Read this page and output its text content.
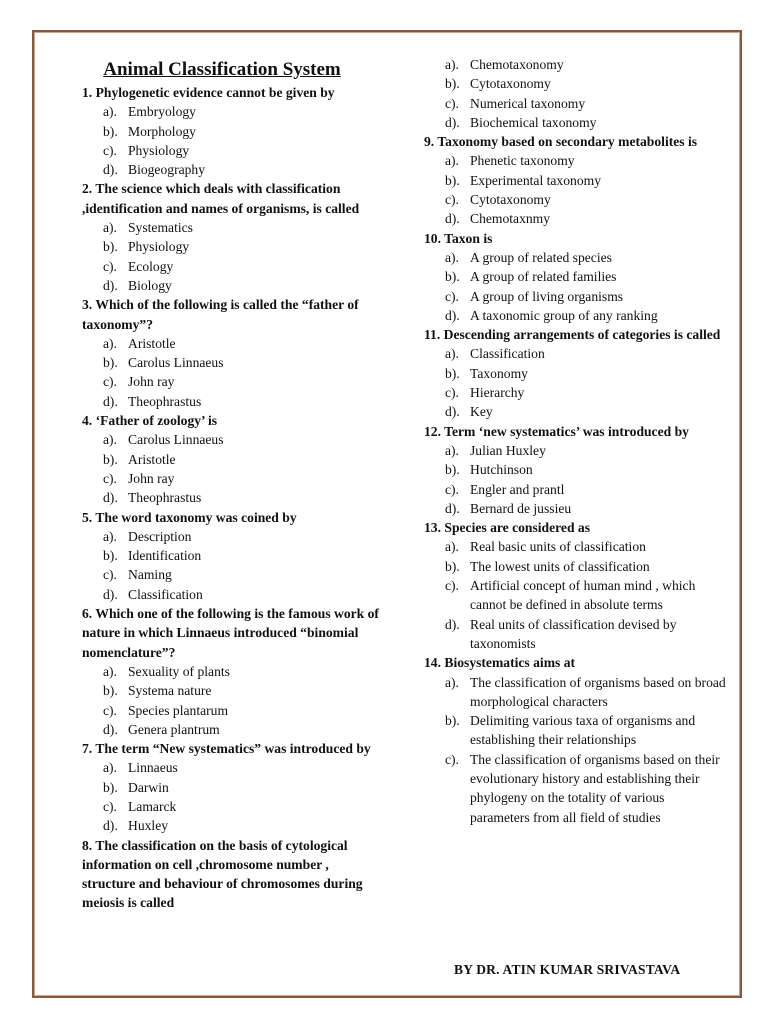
Animal Classification System
1. Phylogenetic evidence cannot be given by
a). Embryology
b). Morphology
c). Physiology
d). Biogeography
2. The science which deals with classification ,identification and names of organisms, is called
a). Systematics
b). Physiology
c). Ecology
d). Biology
3. Which of the following is called the “father of taxonomy”?
a). Aristotle
b). Carolus Linnaeus
c). John ray
d). Theophrastus
4. ‘Father of zoology’ is
a). Carolus Linnaeus
b). Aristotle
c). John ray
d). Theophrastus
5. The word taxonomy was coined by
a). Description
b). Identification
c). Naming
d). Classification
6. Which one of the following is the famous work of nature in which Linnaeus introduced “binomial nomenclature”?
a). Sexuality of plants
b). Systema nature
c). Species plantarum
d). Genera plantrum
7. The term “New systematics” was introduced by
a). Linnaeus
b). Darwin
c). Lamarck
d). Huxley
8. The classification on the basis of cytological information on cell ,chromosome number , structure and behaviour of chromosomes during meiosis is called
a). Chemotaxonomy
b). Cytotaxonomy
c). Numerical taxonomy
d). Biochemical taxonomy
9. Taxonomy based on secondary metabolites is
a). Phenetic taxonomy
b). Experimental taxonomy
c). Cytotaxonomy
d). Chemotaxnmy
10. Taxon is
a). A group of related species
b). A group of related families
c). A group of living organisms
d). A taxonomic group of any ranking
11. Descending arrangements of categories is called
a). Classification
b). Taxonomy
c). Hierarchy
d). Key
12. Term ‘new systematics’ was introduced by
a). Julian Huxley
b). Hutchinson
c). Engler and prantl
d). Bernard de jussieu
13. Species are considered as
a). Real basic units of classification
b). The lowest units of classification
c). Artificial concept of human mind , which cannot be defined in absolute terms
d). Real units of classification devised by taxonomists
14. Biosystematics aims at
a). The classification of organisms based on broad morphological characters
b). Delimiting various taxa of organisms and establishing their relationships
c). The classification of organisms based on their evolutionary history and establishing their phylogeny on the totality of various parameters from all field of studies
BY DR. ATIN KUMAR SRIVASTAVA
